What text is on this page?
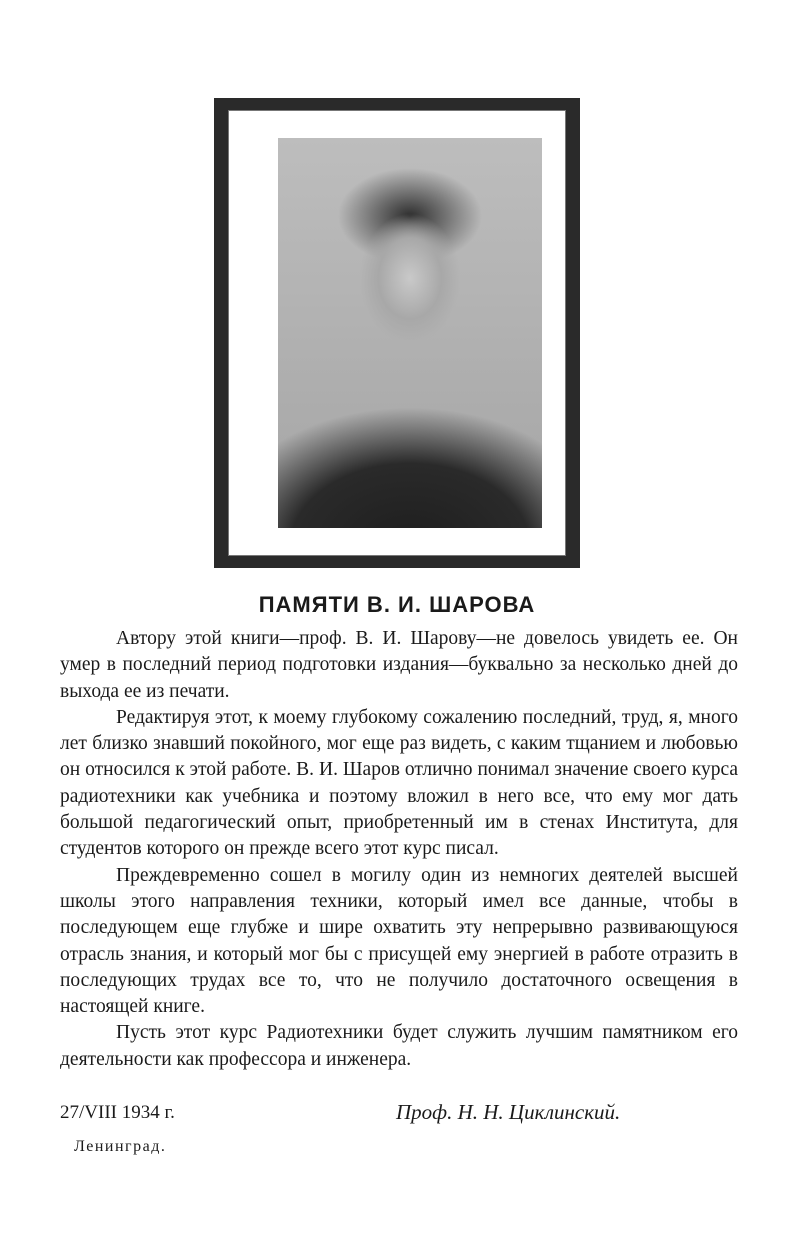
ПАМЯТИ В. И. ШАРОВА

Автору этой книги—проф. В. И. Шарову—не довелось увидеть ее. Он умер в последний период подготовки издания—буквально за несколько дней до выхода ее из печати.

Редактируя этот, к моему глубокому сожалению последний, труд, я, много лет близко знавший покойного, мог еще раз видеть, с каким тщанием и любовью он относился к этой работе. В. И. Шаров отлично понимал значение своего курса радиотехники как учебника и поэтому вложил в него все, что ему мог дать большой педагогический опыт, приобретенный им в стенах Института, для студентов которого он прежде всего этот курс писал.

Преждевременно сошел в могилу один из немногих деятелей высшей школы этого направления техники, который имел все данные, чтобы в последующем еще глубже и шире охватить эту непрерывно развивающуюся отрасль знания, и который мог бы с присущей ему энергией в работе отразить в последующих трудах все то, что не получило достаточного освещения в настоящей книге.

Пусть этот курс Радиотехники будет служить лучшим памятником его деятельности как профессора и инженера.

27/VIII 1934 г.	Проф. Н. Н. Циклинский.
Ленинград.
